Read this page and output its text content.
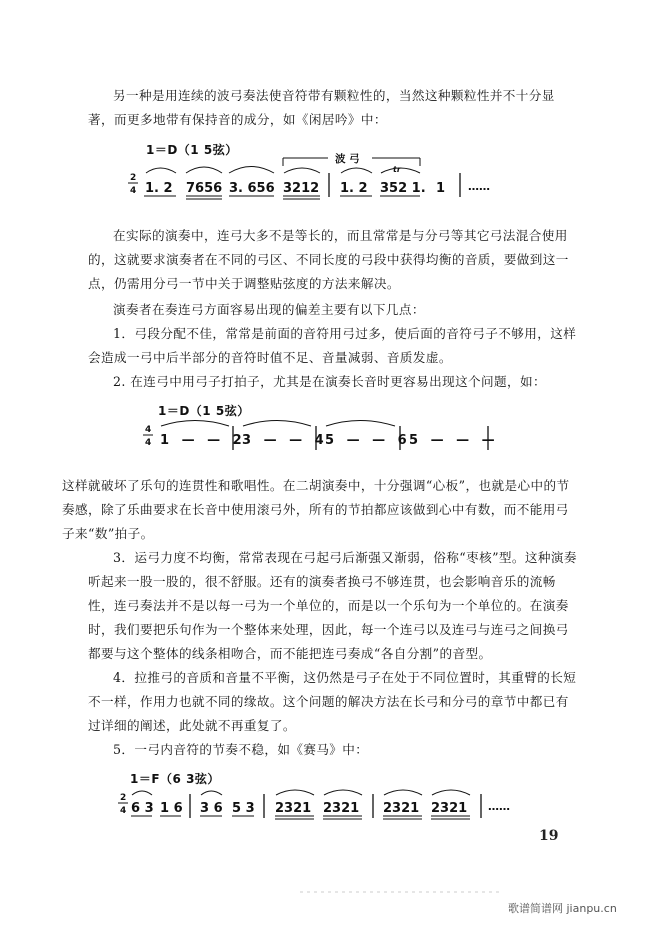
另一种是用连续的波弓奏法使音符带有颗粒性的，当然这种颗粒性并不十分显著，而更多地带有保持音的成分，如《闲居吟》中：
1＝D（1 5弦）
在实际的演奏中，连弓大多不是等长的，而且常常是与分弓等其它弓法混合使用的，这就要求演奏者在不同的弓区、不同长度的弓段中获得均衡的音质，要做到这一点，仍需用分弓一节中关于调整贴弦度的方法来解决。
演奏者在奏连弓方面容易出现的偏差主要有以下几点：
1．弓段分配不佳，常常是前面的音符用弓过多，使后面的音符弓子不够用，这样会造成一弓中后半部分的音符时值不足、音量减弱、音质发虚。
2. 在连弓中用弓子打拍子，尤其是在演奏长音时更容易出现这个问题，如：
1＝D（1 5弦）
这样就破坏了乐句的连贯性和歌唱性。在二胡演奏中，十分强调“心板”，也就是心中的节奏感，除了乐曲要求在长音中使用滚弓外，所有的节拍都应该做到心中有数，而不能用弓子来“数”拍子。
3．运弓力度不均衡，常常表现在弓起弓后渐强又渐弱，俗称“枣核”型。这种演奏听起来一股一股的，很不舒服。还有的演奏者换弓不够连贯，也会影响音乐的流畅性，连弓奏法并不是以每一弓为一个单位的，而是以一个乐句为一个单位的。在演奏时，我们要把乐句作为一个整体来处理，因此，每一个连弓以及连弓与连弓之间换弓都要与这个整体的线条相吻合，而不能把连弓奏成“各自分割”的音型。
4．拉推弓的音质和音量不平衡，这仍然是弓子在处于不同位置时，其重臂的长短不一样，作用力也就不同的缘故。这个问题的解决方法在长弓和分弓的章节中都已有过详细的阐述，此处就不再重复了。
5．一弓内音符的节奏不稳，如《赛马》中：
1＝F（6 3弦）
2
4 1. 2 7656 3. 656 3212 1. 2 352 1. 1 ……
波 弓
tr
4
4 1 — — 2
3 — — 4
5 — — 6
5 — — —
2
4 6 3 1 6 3 6 5 3 2321 2321 2321 2321 ……
19
歌谱简谱网 jianpu.cn
